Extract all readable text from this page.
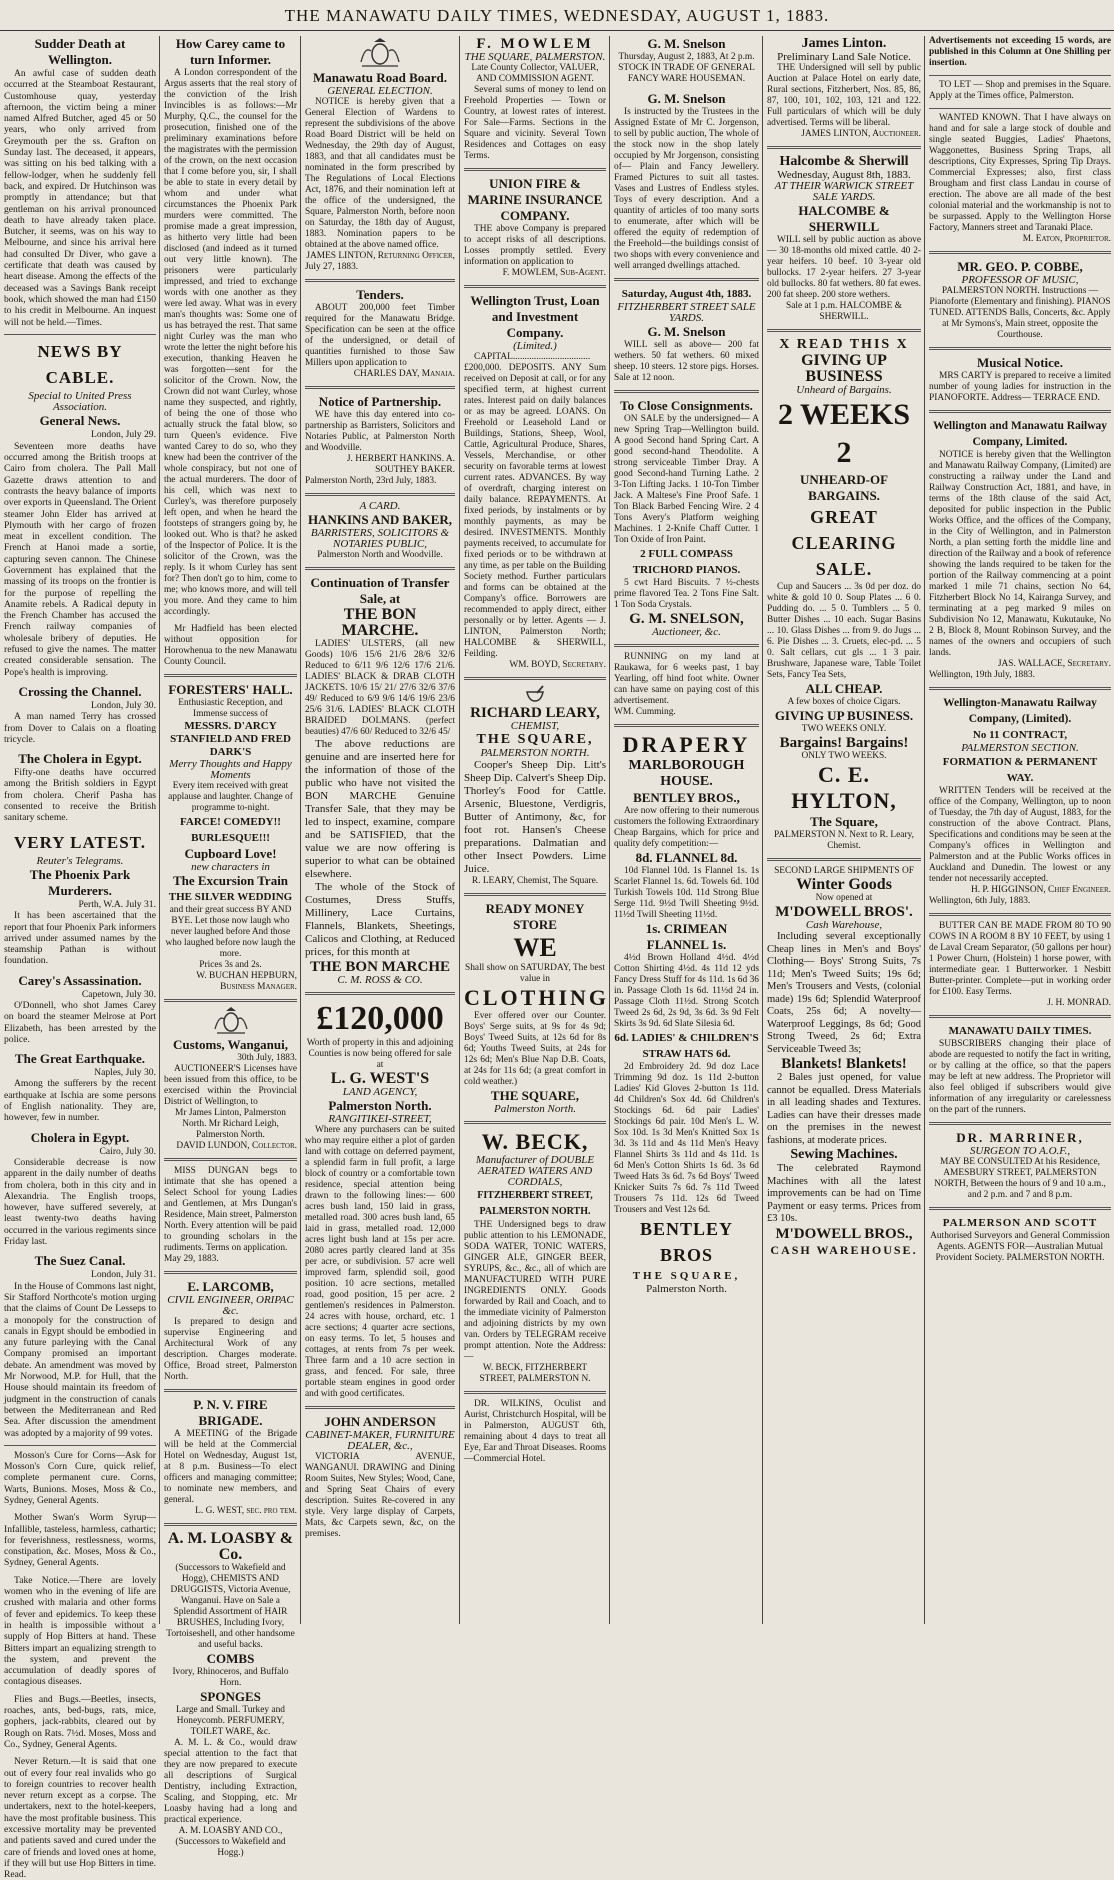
THE MANAWATU DAILY TIMES, WEDNESDAY, AUGUST 1, 1883.
Sudder Death at Wellington.
An awful case of sudden death occurred at the Steamboat Restaurant, Customhouse quay, yesterday afternoon, the victim being a miner named Alfred Butcher, aged 45 or 50 years, who only arrived from Greymouth per the ss. Grafton on Sunday last. The deceased, it appears, was sitting on his bed talking with a fellow-lodger, when he suddenly fell back, and expired. Dr Hutchinson was promptly in attendance; but that gentleman on his arrival pronounced death to have already taken place. Butcher, it seems, was on his way to Melbourne, and since his arrival here had consulted Dr Diver, who gave a certificate that death was caused by heart disease. Among the effects of the deceased was a Savings Bank receipt book, which showed the man had £150 to his credit in Melbourne. An inquest will not be held.—Times.
NEWS BY CABLE.
Special to United Press Association.
General News.
London, July 29.
Seventeen more deaths have occurred among the British troops at Cairo from cholera. The Pall Mall Gazette draws attention to and contrasts the heavy balance of imports over exports in Queensland. The Orient steamer John Elder has arrived at Plymouth with her cargo of frozen meat in excellent condition. The French at Hanoi made a sortie, capturing seven cannon. The Chinese Government has explained that the massing of its troops on the frontier is for the purpose of repelling the Anamite rebels. A Radical deputy in the French Chamber has accused the French railway companies of wholesale bribery of deputies. He refused to give the names. The matter created considerable sensation. The Pope's health is improving.
Crossing the Channel.
London, July 30.
A man named Terry has crossed from Dover to Calais on a floating tricycle.
The Cholera in Egypt.
Fifty-one deaths have occurred among the British soldiers in Egypt from cholera. Cherif Pasha has consented to receive the British sanitary scheme.
VERY LATEST.
Reuter's Telegrams.
The Phoenix Park Murderers.
Perth, W.A. July 31.
It has been ascertained that the report that four Phoenix Park informers arrived under assumed names by the steamship Pathan is without foundation.
Carey's Assassination.
Capetown, July 30.
O'Donnell, who shot James Carey on board the steamer Melrose at Port Elizabeth, has been arrested by the police.
The Great Earthquake.
Naples, July 30.
Among the sufferers by the recent earthquake at Ischia are some persons of English nationality. They are, however, few in number.
Cholera in Egypt.
Cairo, July 30.
Considerable decrease is now apparent in the daily number of deaths from cholera, both in this city and in Alexandria. The English troops, however, have suffered severely, at least twenty-two deaths having occurred in the various regiments since Friday last.
The Suez Canal.
London, July 31.
In the House of Commons last night, Sir Stafford Northcote's motion urging that the claims of Count De Lesseps to a monopoly for the construction of canals in Egypt should be embodied in any future parleying with the Canal Company promised an important debate. An amendment was moved by Mr Norwood, M.P. for Hull, that the House should maintain its freedom of judgment in the construction of canals between the Mediterranean and Red Sea. After discussion the amendment was adopted by a majority of 99 votes.
Mosson's Cure for Corns—Ask for Mosson's Corn Cure, quick relief, complete permanent cure. Corns, Warts, Bunions. Moses, Moss & Co., Sydney, General Agents.
Mother Swan's Worm Syrup—Infallible, tasteless, harmless, cathartic; for feverishness, restlessness, worms, constipation, &c. Moses, Moss & Co., Sydney, General Agents.
Take Notice.—There are lovely women who in the evening of life are crushed with malaria and other forms of fever and epidemics. To keep these in health is impossible without a supply of Hop Bitters at hand. These Bitters impart an equalizing strength to the system, and prevent the accumulation of deadly spores of contagious diseases.
Flies and Bugs.—Beetles, insects, roaches, ants, bed-bugs, rats, mice, gophers, jack-rabbits, cleared out by Rough on Rats. 7½d. Moses, Moss and Co., Sydney, General Agents.
Never Return.—It is said that one out of every four real invalids who go to foreign countries to recover health never return except as a corpse. The undertakers, next to the hotel-keepers, have the most profitable business. This excessive mortality may be prevented and patients saved and cured under the care of friends and loved ones at home, if they will but use Hop Bitters in time. Read.
How Carey came to turn Informer.
A London correspondent of the Argus asserts that the real story of the conviction of the Irish Invincibles is as follows:—Mr Murphy, Q.C., the counsel for the prosecution, finished one of the preliminary examinations before the magistrates with the permission of the crown, on the next occasion that I come before you, sir, I shall be able to state in every detail by whom and under what circumstances the Phoenix Park murders were committed. The promise made a great impression, as hitherto very little had been disclosed (and indeed as it turned out very little known). The prisoners were particularly impressed, and tried to exchange words with one another as they were led away. What was in every man's thoughts was: Some one of us has betrayed the rest. That same night Curley was the man who wrote the letter the night before his execution, thanking Heaven he was forgotten—sent for the solicitor of the Crown. Now, the Crown did not want Curley, whose name they suspected, and rightly, of being the one of those who actually struck the fatal blow, so turn Queen's evidence. Five wanted Carey to do so, who they knew had been the contriver of the whole conspiracy, but not one of the actual murderers. The door of his cell, which was next to Curley's, was therefore purposely left open, and when he heard the footsteps of strangers going by, he looked out. Who is that? he asked of the Inspector of Police. It is the solicitor of the Crown, was the reply. Is it whom Curley has sent for? Then don't go to him, come to me; who knows more, and will tell you more. And they came to him accordingly.
Mr Hadfield has been elected without opposition for Horowhenua to the new Manawatu County Council.
FORESTERS' HALL.
Enthusiastic Reception, and Immense success of
MESSRS. D'ARCY STANFIELD AND FRED DARK'S
Merry Thoughts and Happy Moments
Every item received with great applause and laughter. Change of programme to-night.
FARCE! COMEDY!! BURLESQUE!!!
Cupboard Love!
new characters in
The Excursion Train
THE SILVER WEDDING
and their great success BY AND BYE. Let those now laugh who never laughed before And those who laughed before now laugh the more.
Prices 3s and 2s.
W. BUCHAN HEPBURN, Business Manager.
Customs, Wanganui,
30th July, 1883.
AUCTIONEER'S Licenses have been issued from this office, to be exercised within the Provincial District of Wellington, to
Mr James Linton, Palmerston North. Mr Richard Leigh, Palmerston North.
DAVID LUNDON, Collector.
MISS DUNGAN begs to intimate that she has opened a Select School for young Ladies and Gentlemen, at Mrs Dungan's Residence, Main street, Palmerston North. Every attention will be paid to grounding scholars in the rudiments. Terms on application.
May 29, 1883.
E. LARCOMB,
CIVIL ENGINEER, ORIPAC &c.
Is prepared to design and supervise Engineering and Architectural Work of any description. Charges moderate. Office, Broad street, Palmerston North.
P. N. V. FIRE BRIGADE.
A MEETING of the Brigade will be held at the Commercial Hotel on Wednesday, August 1st, at 8 p.m. Business—To elect officers and managing committee; to nominate new members, and general.
L. G. WEST, sec. pro tem.
A. M. LOASBY & Co.
(Successors to Wakefield and Hogg), CHEMISTS AND DRUGGISTS, Victoria Avenue, Wanganui. Have on Sale a Splendid Assortment of HAIR BRUSHES, Including Ivory, Tortoiseshell, and other handsome and useful backs.
COMBS
Ivory, Rhinoceros, and Buffalo Horn.
SPONGES
Large and Small. Turkey and Honeycomb. PERFUMERY, TOILET WARE, &c.
A. M. L. & Co., would draw special attention to the fact that they are now prepared to execute all descriptions of Surgical Dentistry, including Extraction, Scaling, and Stopping, etc. Mr Loasby having had a long and practical experience.
A. M. LOASBY AND CO., (Successors to Wakefield and Hogg.)
Manawatu Road Board.
GENERAL ELECTION.
NOTICE is hereby given that a General Election of Wardens to represent the subdivisions of the above Road Board District will be held on Wednesday, the 29th day of August, 1883, and that all candidates must be nominated in the form prescribed by The Regulations of Local Elections Act, 1876, and their nomination left at the office of the undersigned, the Square, Palmerston North, before noon on Saturday, the 18th day of August, 1883. Nomination papers to be obtained at the above named office.
JAMES LINTON, Returning Officer,
July 27, 1883.
Tenders.
ABOUT 200,000 feet Timber required for the Manawatu Bridge. Specification can be seen at the office of the undersigned, or detail of quantities furnished to those Saw Millers upon application to
CHARLES DAY, Manaia.
Notice of Partnership.
WE have this day entered into co-partnership as Barristers, Solicitors and Notaries Public, at Palmerston North and Woodville.
J. HERBERT HANKINS. A. SOUTHEY BAKER.
Palmerston North, 23rd July, 1883.
A CARD.
HANKINS AND BAKER,
BARRISTERS, SOLICITORS & NOTARIES PUBLIC,
Palmerston North and Woodville.
Continuation of Transfer Sale, at
THE BON MARCHE.
LADIES' ULSTERS, (all new Goods) 10/6 15/6 21/6 28/6 32/6 Reduced to 6/11 9/6 12/6 17/6 21/6. LADIES' BLACK & DRAB CLOTH JACKETS. 10/6 15/ 21/ 27/6 32/6 37/6 49/ Reduced to 6/9 9/6 14/6 19/6 23/6 25/6 31/6. LADIES' BLACK CLOTH BRAIDED DOLMANS. (perfect beauties) 47/6 60/ Reduced to 32/6 45/
The above reductions are genuine and are inserted here for the information of those of the public who have not visited the BON MARCHE Genuine Transfer Sale, that they may be led to inspect, examine, compare and be SATISFIED, that the value we are now offering is superior to what can be obtained elsewhere.
The whole of the Stock of Costumes, Dress Stuffs, Millinery, Lace Curtains, Flannels, Blankets, Sheetings, Calicos and Clothing, at Reduced prices, for this month at
THE BON MARCHE
C. M. ROSS & CO.
£120,000
Worth of property in this and adjoining Counties is now being offered for sale at
L. G. WEST'S
LAND AGENCY,
Palmerston North.
RANGITIKEI-STREET,
Where any purchasers can be suited who may require either a plot of garden land with cottage on deferred payment, a splendid farm in full profit, a large block of country or a comfortable town residence, special attention being drawn to the following lines:— 600 acres bush land, 150 laid in grass, metalled road. 300 acres bush land, 65 laid in grass, metalled road. 12,000 acres light bush land at 15s per acre. 2080 acres partly cleared land at 35s per acre, or subdivision. 57 acre well improved farm, splendid soil, good position. 10 acre sections, metalled road, good position, 15 per acre. 2 gentlemen's residences in Palmerston. 24 acres with house, orchard, etc. 1 acre sections; 4 quarter acre sections, on easy terms. To let, 5 houses and cottages, at rents from 7s per week. Three farm and a 10 acre section in grass, and fenced. For sale, three portable steam engines in good order and with good certificates.
JOHN ANDERSON
CABINET-MAKER, FURNITURE DEALER, &c.,
VICTORIA AVENUE, WANGANUI. DRAWING and Dining Room Suites, New Styles; Wood, Cane, and Spring Seat Chairs of every description. Suites Re-covered in any style. Very large display of Carpets, Mats, &c Carpets sewn, &c, on the premises.
F. MOWLEM
THE SQUARE, PALMERSTON.
Late County Collector, VALUER, AND COMMISSION AGENT.
Several sums of money to lend on Freehold Properties — Town or Country, at lowest rates of interest. For Sale—Farms. Sections in the Square and vicinity. Several Town Residences and Cottages on easy Terms.
UNION FIRE & MARINE INSURANCE COMPANY.
THE above Company is prepared to accept risks of all descriptions. Losses promptly settled. Every information on application to
F. MOWLEM, Sub-Agent.
Wellington Trust, Loan and Investment Company.
(Limited.)
CAPITAL.................................£200,000. DEPOSITS. ANY Sum received on Deposit at call, or for any specified term, at highest current rates. Interest paid on daily balances or as may be agreed. LOANS. On Freehold or Leasehold Land or Buildings, Stations, Sheep, Wool, Cattle, Agricultural Produce, Shares, Vessels, Merchandise, or other security on favorable terms at lowest current rates. ADVANCES. By way of overdraft, charging interest on daily balance. REPAYMENTS. At fixed periods, by instalments or by monthly payments, as may be desired. INVESTMENTS. Monthly payments received, to accumulate for fixed periods or to be withdrawn at any time, as per table on the Building Society method. Further particulars and forms can be obtained at the Company's office. Borrowers are recommended to apply direct, either personally or by letter. Agents — J. LINTON, Palmerston North; HALCOMBE & SHERWILL, Feilding.
WM. BOYD, Secretary.
RICHARD LEARY,
CHEMIST,
THE SQUARE,
PALMERSTON NORTH.
Cooper's Sheep Dip. Litt's Sheep Dip. Calvert's Sheep Dip. Thorley's Food for Cattle. Arsenic, Bluestone, Verdigris, Butter of Antimony, &c, for foot rot. Hansen's Cheese preparations. Dalmatian and other Insect Powders. Lime Juice.
R. LEARY, Chemist, The Square.
READY MONEY STORE
WE
Shall show on SATURDAY, The best value in
CLOTHING
Ever offered over our Counter. Boys' Serge suits, at 9s for 4s 9d; Boys' Tweed Suits, at 12s 6d for 8s 6d; Youths Tweed Suits, at 24s for 12s 6d; Men's Blue Nap D.B. Coats, at 24s for 11s 6d; (a great comfort in cold weather.)
THE SQUARE,
Palmerston North.
W. BECK,
Manufacturer of DOUBLE AERATED WATERS AND CORDIALS,
FITZHERBERT STREET, PALMERSTON NORTH.
THE Undersigned begs to draw public attention to his LEMONADE, SODA WATER, TONIC WATERS, GINGER ALE, GINGER BEER, SYRUPS, &c., &c., all of which are MANUFACTURED WITH PURE INGREDIENTS ONLY. Goods forwarded by Rail and Coach, and to the immediate vicinity of Palmerston and adjoining districts by my own van. Orders by TELEGRAM receive prompt attention. Note the Address:—
W. BECK, FITZHERBERT STREET, PALMERSTON N.
DR. WILKINS, Oculist and Aurist, Christchurch Hospital, will be in Palmerston, AUGUST 6th, remaining about 4 days to treat all Eye, Ear and Throat Diseases. Rooms—Commercial Hotel.
G. M. Snelson
Thursday, August 2, 1883, At 2 p.m. STOCK IN TRADE OF GENERAL FANCY WARE HOUSEMAN.
G. M. Snelson
Is instructed by the Trustees in the Assigned Estate of Mr C. Jorgenson, to sell by public auction, The whole of the stock now in the shop lately occupied by Mr Jorgenson, consisting of— Plain and Fancy Jewellery. Framed Pictures to suit all tastes. Vases and Lustres of Endless styles. Toys of every description. And a quantity of articles of too many sorts to enumerate, after which will be offered the equity of redemption of the Freehold—the buildings consist of two shops with every convenience and well arranged dwellings attached.
Saturday, August 4th, 1883.
FITZHERBERT STREET SALE YARDS.
G. M. Snelson
WILL sell as above— 200 fat wethers. 50 fat wethers. 60 mixed sheep. 10 steers. 12 store pigs. Horses. Sale at 12 noon.
To Close Consignments.
ON SALE by the undersigned— A new Spring Trap—Wellington build. A good Second hand Spring Cart. A good second-hand Theodolite. A strong serviceable Timber Dray. A good Second-hand Turning Lathe. 2 3-Ton Lifting Jacks. 1 10-Ton Timber Jack. A Maltese's Fine Proof Safe. 1 Ton Black Barbed Fencing Wire. 2 4 Tons Avery's Platform weighing Machines. 1 2-Knife Chaff Cutter. 1 Ton Oxide of Iron Paint.
2 FULL COMPASS TRICHORD PIANOS.
5 cwt Hard Biscuits. 7 ½-chests prime flavored Tea. 2 Tons Fine Salt. 1 Ton Soda Crystals.
G. M. SNELSON,
Auctioneer, &c.
RUNNING on my land at Raukawa, for 6 weeks past, 1 bay Yearling, off hind foot white. Owner can have same on paying cost of this advertisement.
WM. Cumming.
DRAPERY
MARLBOROUGH HOUSE.
BENTLEY BROS.,
Are now offering to their numerous customers the following Extraordinary Cheap Bargains, which for price and quality defy competition:—
8d. FLANNEL 8d.
10d Flannel 10d. 1s Flannel 1s. 1s Scarlet Flannel 1s. 6d. Towels 6d. 10d Turkish Towels 10d. 11d Strong Blue Serge 11d. 9½d Twill Sheeting 9½d. 11½d Twill Sheeting 11½d.
1s. CRIMEAN FLANNEL 1s.
4½d Brown Holland 4½d. 4½d Cotton Shirting 4½d. 4s 11d 12 yds Fancy Dress Stuff for 4s 11d. 1s 6d 36 in. Passage Cloth 1s 6d. 11½d 24 in. Passage Cloth 11½d. Strong Scotch Tweed 2s 6d, 2s 9d, 3s 6d. 3s 9d Felt Skirts 3s 9d. 6d Slate Silesia 6d.
6d. LADIES' & CHILDREN'S STRAW HATS 6d.
2d Embroidery 2d. 9d doz Lace Trimming 9d doz. 1s 11d 2-button Ladies' Kid Gloves 2-button 1s 11d. 4d Children's Sox 4d. 6d Children's Stockings 6d. 6d pair Ladies' Stockings 6d pair. 10d Men's L. W. Sox 10d. 1s 3d Men's Knitted Sox 1s 3d. 3s 11d and 4s 11d Men's Heavy Flannel Shirts 3s 11d and 4s 11d. 1s 6d Men's Cotton Shirts 1s 6d. 3s 6d Tweed Hats 3s 6d. 7s 6d Boys' Tweed Knicker Suits 7s 6d. 7s 11d Tweed Trousers 7s 11d. 12s 6d Tweed Trousers and Vest 12s 6d.
BENTLEY BROS
THE SQUARE,
Palmerston North.
James Linton.
Preliminary Land Sale Notice.
THE Undersigned will sell by public Auction at Palace Hotel on early date, Rural sections, Fitzherbert, Nos. 85, 86, 87, 100, 101, 102, 103, 121 and 122. Full particulars of which will be duly advertised. Terms will be liberal.
JAMES LINTON, Auctioneer.
Halcombe & Sherwill
Wednesday, August 8th, 1883.
AT THEIR WARWICK STREET SALE YARDS.
HALCOMBE & SHERWILL
WILL sell by public auction as above— 30 18-months old mixed cattle. 40 2-year heifers. 10 beef. 10 3-year old bullocks. 17 2-year heifers. 27 3-year old bullocks. 80 fat wethers. 80 fat ewes. 200 fat sheep. 200 store wethers.
Sale at 1 p.m. HALCOMBE & SHERWILL.
X READ THIS X
GIVING UP BUSINESS
Unheard of Bargains.
2 WEEKS 2
UNHEARD-OF BARGAINS.
GREAT CLEARING SALE.
Cup and Saucers ... 3s 0d per doz. do white & gold 10 0. Soup Plates ... 6 0. Pudding do. ... 5 0. Tumblers ... 5 0. Butter Dishes ... 10 each. Sugar Basins ... 10. Glass Dishes ... from 9. do Jugs ... 6. Pie Dishes ... 3. Cruets, elec-pd. ... 5 0. Salt cellars, cut gls ... 1 3 pair. Brushware, Japanese ware, Table Toilet Sets, Fancy Tea Sets,
ALL CHEAP.
A few boxes of choice Cigars.
GIVING UP BUSINESS.
TWO WEEKS ONLY.
Bargains! Bargains!
ONLY TWO WEEKS.
C. E. HYLTON,
The Square,
PALMERSTON N. Next to R. Leary, Chemist.
SECOND LARGE SHIPMENTS OF
Winter Goods
Now opened at
M'DOWELL BROS'.
Cash Warehouse,
Including several exceptionally Cheap lines in Men's and Boys' Clothing— Boys' Strong Suits, 7s 11d; Men's Tweed Suits; 19s 6d; Men's Trousers and Vests, (colonial made) 19s 6d; Splendid Waterproof Coats, 25s 6d; A novelty—Waterproof Leggings, 8s 6d; Good Strong Tweed, 2s 6d; Extra Serviceable Tweed 3s;
Blankets! Blankets!
2 Bales just opened, for value cannot be equalled. Dress Materials in all leading shades and Textures. Ladies can have their dresses made on the premises in the newest fashions, at moderate prices.
Sewing Machines.
The celebrated Raymond Machines with all the latest improvements can be had on Time Payment or easy terms. Prices from £3 10s.
M'DOWELL BROS.,
CASH WAREHOUSE.
Advertisements not exceeding 15 words, are published in this Column at One Shilling per insertion.
TO LET — Shop and premises in the Square. Apply at the Times office, Palmerston.
WANTED KNOWN. That I have always on hand and for sale a large stock of double and single seated Buggies, Ladies' Phaetons, Waggonettes, Business Spring Traps, all descriptions, City Expresses, Spring Tip Drays. Commercial Expresses; also, first class Brougham and first class Landau in course of erection. The above are all made of the best colonial material and the workmanship is not to be surpassed. Apply to the Wellington Horse Factory, Manners street and Taranaki Place.
M. Eaton, Proprietor.
MR. GEO. P. COBBE,
PROFESSOR OF MUSIC,
PALMERSTON NORTH. Instructions — Pianoforte (Elementary and finishing). PIANOS TUNED. ATTENDS Balls, Concerts, &c. Apply at Mr Symons's, Main street, opposite the Courthouse.
Musical Notice.
MRS CARTY is prepared to receive a limited number of young ladies for instruction in the PIANOFORTE. Address— TERRACE END.
Wellington and Manawatu Railway Company, Limited.
NOTICE is hereby given that the Wellington and Manawatu Railway Company, (Limited) are constructing a railway under the Land and Railway Construction Act, 1881, and have, in terms of the 18th clause of the said Act, deposited for public inspection in the Public Works Office, and the offices of the Company, in the City of Wellington, and in Palmerston North, a plan setting forth the middle line and direction of the Railway and a book of reference showing the lands required to be taken for the portion of the Railway commencing at a point marked 1 mile 71 chains, section No 64, Fitzherbert Block No 14, Kairanga Survey, and terminating at a peg marked 9 miles on Subdivision No 12, Manawatu, Kukutauke, No 2 B, Block 8, Mount Robinson Survey, and the names of the owners and occupiers of such lands.
JAS. WALLACE, Secretary.
Wellington, 19th July, 1883.
Wellington-Manawatu Railway Company, (Limited).
No 11 CONTRACT,
PALMERSTON SECTION.
FORMATION & PERMANENT WAY.
WRITTEN Tenders will be received at the office of the Company, Wellington, up to noon of Tuesday, the 7th day of August, 1883, for the construction of the above Contract. Plans, Specifications and conditions may be seen at the Company's offices in Wellington and Palmerston and at the Public Works offices in Auckland and Dunedin. The lowest or any tender not necessarily accepted.
H. P. HIGGINSON, Chief Engineer.
Wellington, 6th July, 1883.
BUTTER CAN BE MADE FROM 80 TO 90 COWS IN A ROOM 8 BY 10 FEET, by using 1 de Laval Cream Separator, (50 gallons per hour) 1 Power Churn, (Holstein) 1 horse power, with intermediate gear. 1 Butterworker. 1 Nesbitt Butter-printer. Complete—put in working order for £100. Easy Terms.
J. H. MONRAD.
MANAWATU DAILY TIMES.
SUBSCRIBERS changing their place of abode are requested to notify the fact in writing, or by calling at the office, so that the papers may be left at new address. The Proprietor will also feel obliged if subscribers would give information of any irregularity or carelessness on the part of the runners.
DR. MARRINER,
SURGEON TO A.O.F.,
MAY BE CONSULTED At his Residence, AMESBURY STREET, PALMERSTON NORTH, Between the hours of 9 and 10 a.m., and 2 p.m. and 7 and 8 p.m.
PALMERSON AND SCOTT
Authorised Surveyors and General Commission Agents. AGENTS FOR—Australian Mutual Provident Society. PALMERSTON NORTH.
